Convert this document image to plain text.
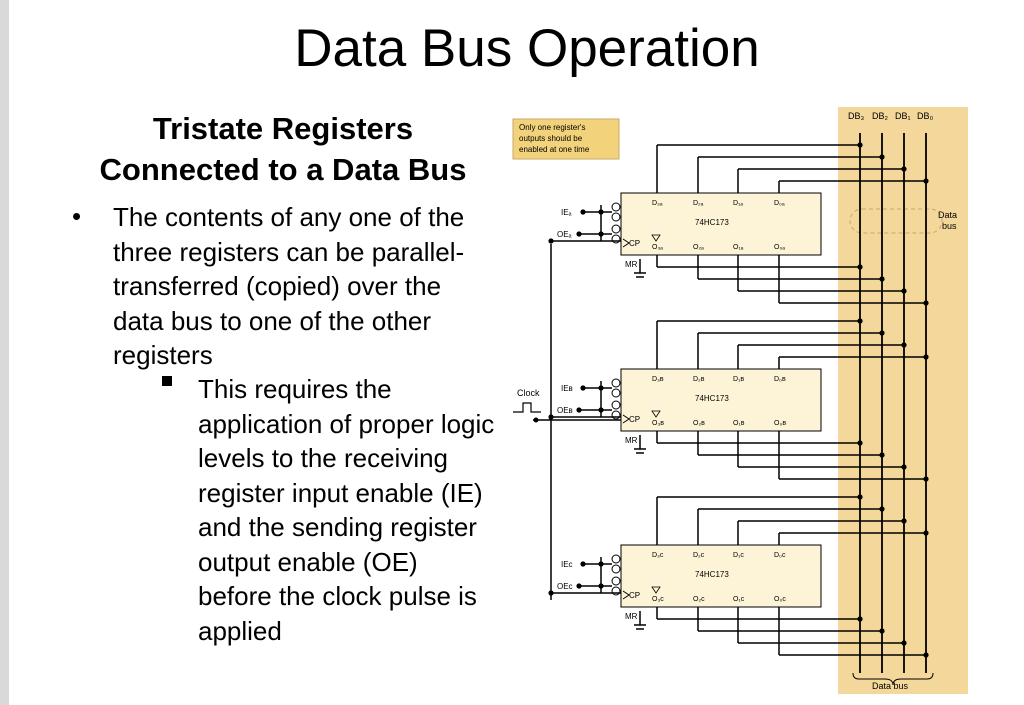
Data Bus Operation
Tristate Registers
Connected to a Data Bus
• The contents of any one of the three registers can be parallel-transferred (copied) over the data bus to one of the other registers
This requires the application of proper logic levels to the receiving register input enable (IE) and the sending register output enable (OE) before the clock pulse is applied
DB₃ DB₂ DB₁ DB₀
Data
bus
Data bus
Only one register's
outputs should be
enabled at one time
Clock
74HC173
D₃ₐ	D₂ₐ	D₁ₐ	D₀ₐ
O₃ₐ	O₂ₐ	O₁ₐ	O₀ₐ
CP
IEₐ
OEₐ
MR
74HC173
D₃ʙ	D₂ʙ	D₁ʙ	D₀ʙ
O₃ʙ	O₂ʙ	O₁ʙ	O₀ʙ
CP
IEʙ
OEʙ
MR
74HC173
D₃ᴄ	D₂ᴄ	D₁ᴄ	D₀ᴄ
O₃ᴄ	O₂ᴄ	O₁ᴄ	O₀ᴄ
CP
IEᴄ
OEᴄ
MR
